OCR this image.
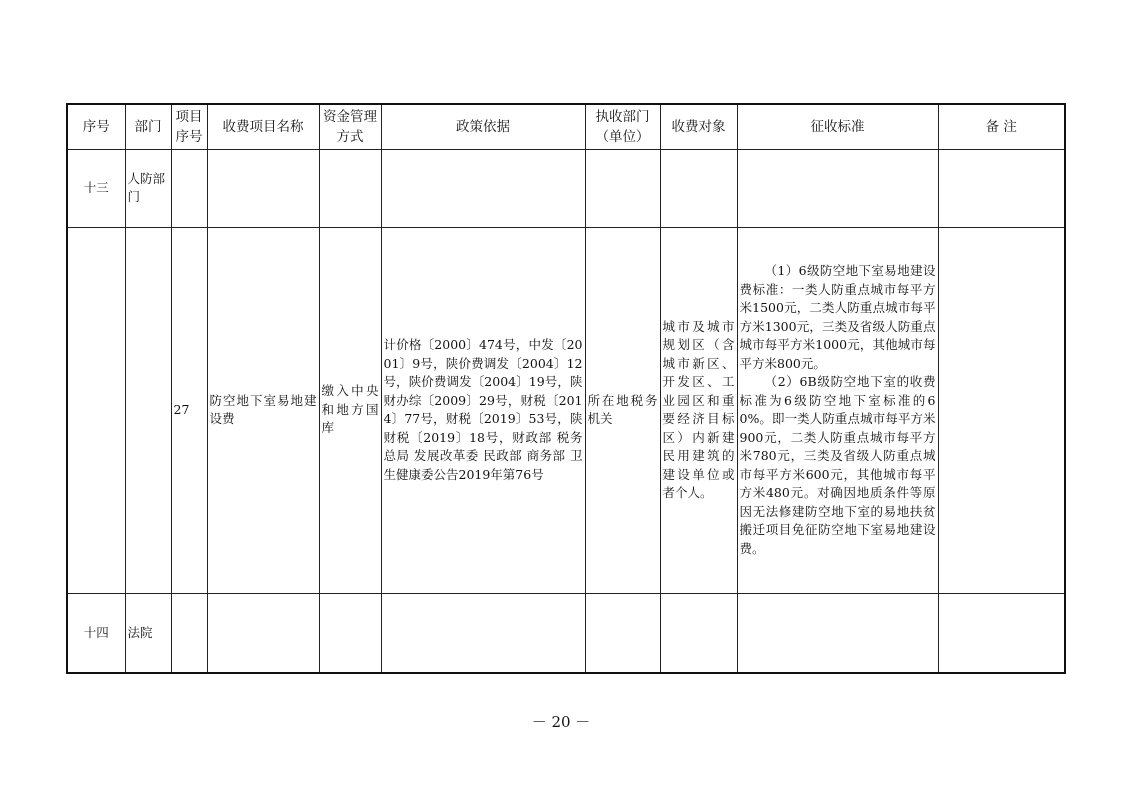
序号	部门	项目序号	收费项目名称	资金管理方式	政策依据	执收部门（单位）	收费对象	征收标准	备 注
十三	人防部门								
		27	防空地下室易地建设费	缴入中央和地方国库	计价格〔2000〕474号，中发〔2001〕9号，陕价费调发〔2004〕12号，陕价费调发〔2004〕19号，陕财办综〔2009〕29号，财税〔2014〕77号，财税〔2019〕53号，陕财税〔2019〕18号，财政部 税务总局 发展改革委 民政部 商务部 卫生健康委公告2019年第76号	所在地税务机关	城市及城市规划区（含城市新区、开发区、工业园区和重要经济目标区）内新建民用建筑的建设单位或者个人。	（1）6级防空地下室易地建设费标准：一类人防重点城市每平方米1500元，二类人防重点城市每平方米1300元，三类及省级人防重点城市每平方米1000元，其他城市每平方米800元。

（2）6B级防空地下室的收费标准为6级防空地下室标准的60%。即一类人防重点城市每平方米900元，二类人防重点城市每平方米780元，三类及省级人防重点城市每平方米600元，其他城市每平方米480元。对确因地质条件等原因无法修建防空地下室的易地扶贫搬迁项目免征防空地下室易地建设费。	

十四	法院								
－ 20 －
